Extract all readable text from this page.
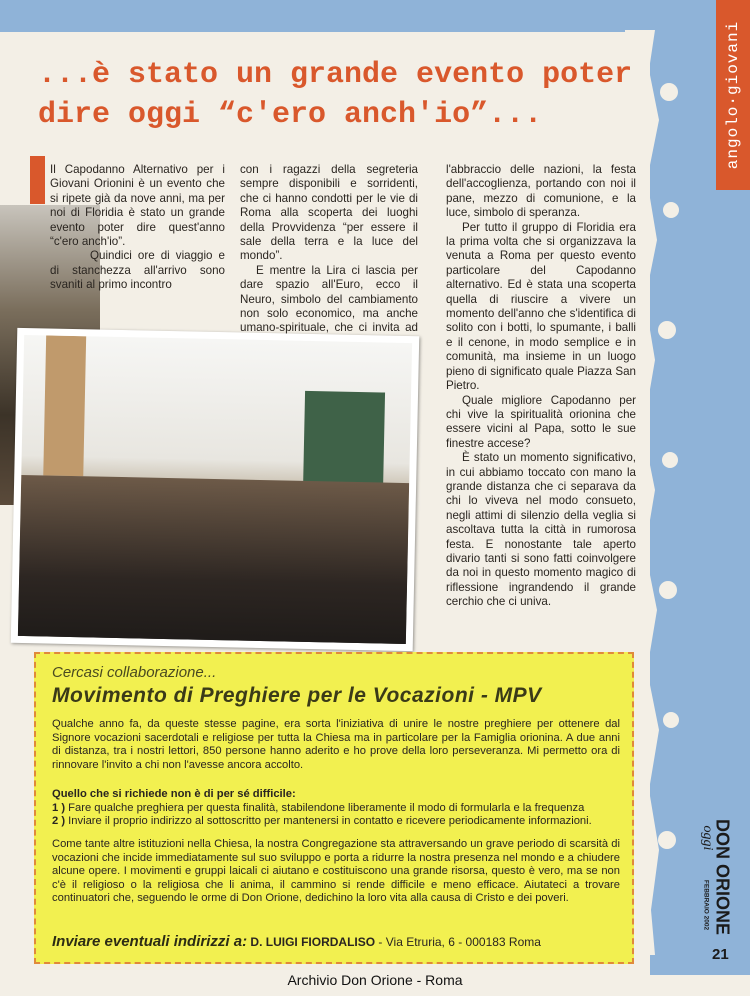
angolo·giovani
...è stato un grande evento poter dire oggi “c'ero anch'io”...

Il Capodanno Alternativo per i Giovani Orionini è un evento che si ripete già da nove anni, ma per noi di Floridia è stato un grande evento poter dire quest'anno “c'ero anch'io”.

Quindici ore di viaggio e di stanchezza all'arrivo sono svaniti al primo incontro

con i ragazzi della segreteria sempre disponibili e sorridenti, che ci hanno condotti per le vie di Roma alla scoperta dei luoghi della Provvidenza “per essere il sale della terra e la luce del mondo”.

E mentre la Lira ci lascia per dare spazio all'Euro, ecco il Neuro, simbolo del cambiamento non solo economico, ma anche umano-spirituale, che ci invita ad

l'abbraccio delle nazioni, la festa dell'accoglienza, portando con noi il pane, mezzo di comunione, e la luce, simbolo di speranza.

Per tutto il gruppo di Floridia era la prima volta che si organizzava la venuta a Roma per questo evento particolare del Capodanno alternativo. Ed è stata una scoperta quella di riuscire a vivere un momento dell'anno che s'identifica di solito con i botti, lo spumante, i balli e il cenone, in modo semplice e in comunità, ma insieme in un luogo pieno di significato quale Piazza San Pietro.

Quale migliore Capodanno per chi vive la spiritualità orionina che essere vicini al Papa, sotto le sue finestre accese?

È stato un momento significativo, in cui abbiamo toccato con mano la grande distanza che ci separava da chi lo viveva nel modo consueto, negli attimi di silenzio della veglia si ascoltava tutta la città in rumorosa festa. E nonostante tale aperto divario tanti si sono fatti coinvolgere da noi in questo momento magico di riflessione ingrandendo il grande cerchio che ci univa.

Cercasi collaborazione...

Movimento di Preghiere per le Vocazioni - MPV

Qualche anno fa, da queste stesse pagine, era sorta l'iniziativa di unire le nostre preghiere per ottenere dal Signore vocazioni sacerdotali e religiose per tutta la Chiesa ma in particolare per la Famiglia orionina. A due anni di distanza, tra i nostri lettori, 850 persone hanno aderito e ho prove della loro perseveranza. Mi permetto ora di rinnovare l'invito a chi non l'avesse ancora accolto.

Quello che si richiede non è di per sé difficile:

1 ) Fare qualche preghiera per questa finalità, stabilendone liberamente il modo di formularla e la frequenza

2 ) Inviare il proprio indirizzo al sottoscritto per mantenersi in contatto e ricevere periodicamente informazioni.

Come tante altre istituzioni nella Chiesa, la nostra Congregazione sta attraversando un grave periodo di scarsità di vocazioni che incide immediatamente sul suo sviluppo e porta a ridurre la nostra presenza nel mondo e a chiudere alcune opere. I movimenti e gruppi laicali ci aiutano e costituiscono una grande risorsa, questo è vero, ma se non c'è il religioso o la religiosa che li anima, il cammino si rende difficile e meno efficace. Aiutateci a trovare continuatori che, seguendo le orme di Don Orione, dedichino la loro vita alla causa di Cristo e dei poveri.

Inviare eventuali indirizzi a: D. LUIGI FIORDALISO - Via Etruria, 6 - 000183 Roma
oggi
DON ORIONE
FEBBRAIO 2002

21

Archivio Don Orione - Roma
